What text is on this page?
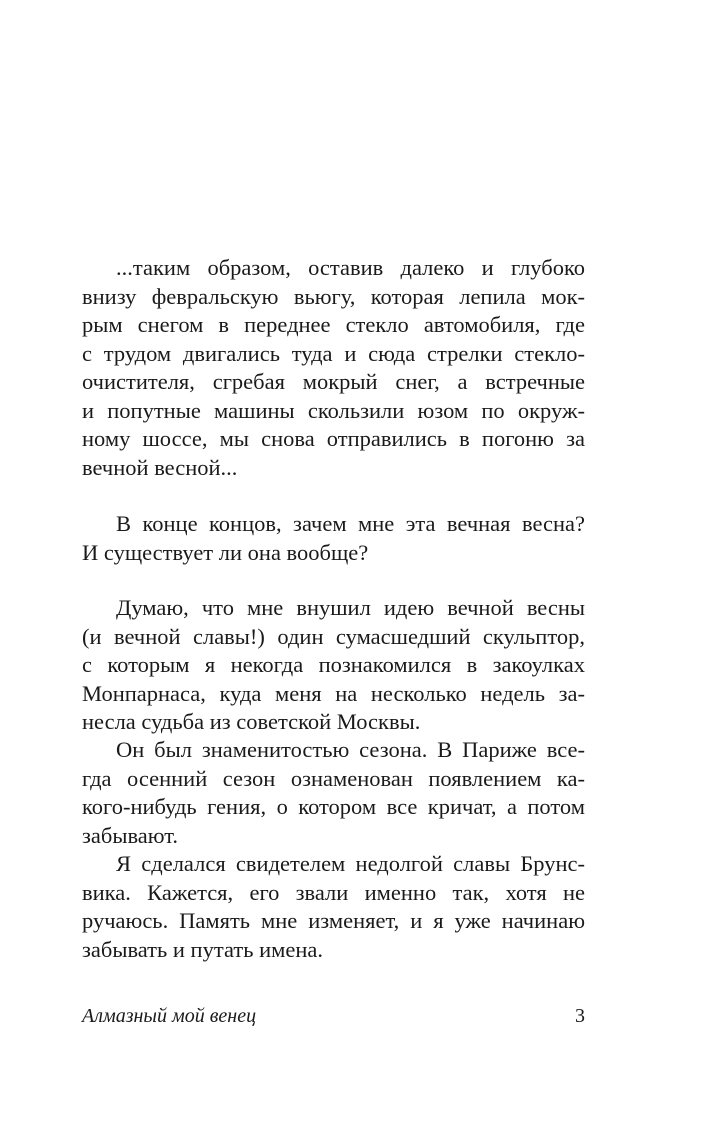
...таким образом, оставив далеко и глубоко
внизу февральскую вьюгу, которая лепила мок-
рым снегом в переднее стекло автомобиля, где
с трудом двигались туда и сюда стрелки стекло-
очистителя, сгребая мокрый снег, а встречные
и попутные машины скользили юзом по окруж-
ному шоссе, мы снова отправились в погоню за
вечной весной...
В конце концов, зачем мне эта вечная весна?
И существует ли она вообще?
Думаю, что мне внушил идею вечной весны
(и вечной славы!) один сумасшедший скульптор,
с которым я некогда познакомился в закоулках
Монпарнаса, куда меня на несколько недель за-
несла судьба из советской Москвы.
Он был знаменитостью сезона. В Париже все-
гда осенний сезон ознаменован появлением ка-
кого-нибудь гения, о котором все кричат, а потом
забывают.
Я сделался свидетелем недолгой славы Брунс-
вика. Кажется, его звали именно так, хотя не
ручаюсь. Память мне изменяет, и я уже начинаю
забывать и путать имена.
Алмазный мой венец	3
